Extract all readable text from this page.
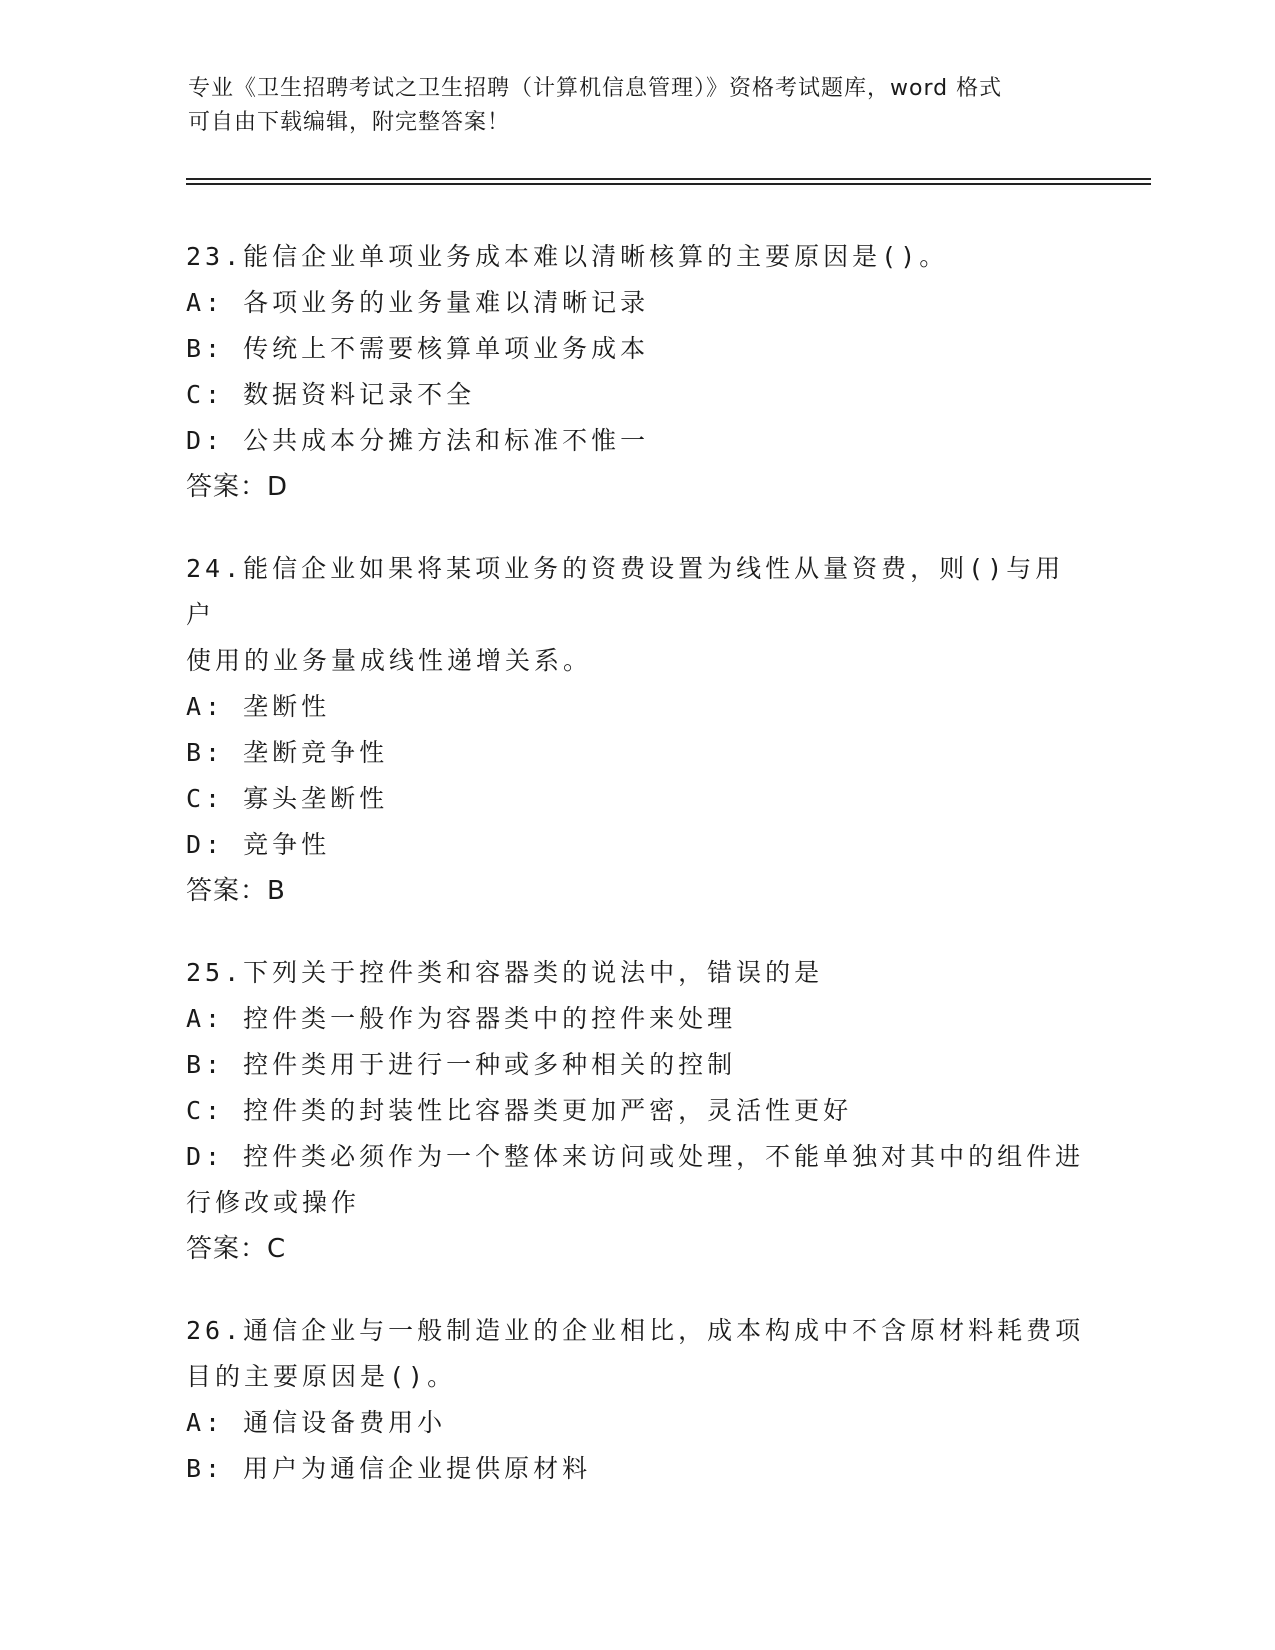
专业《卫生招聘考试之卫生招聘（计算机信息管理）》资格考试题库，word 格式
可自由下载编辑，附完整答案！
23.能信企业单项业务成本难以清晰核算的主要原因是()。
A: 各项业务的业务量难以清晰记录
B: 传统上不需要核算单项业务成本
C: 数据资料记录不全
D: 公共成本分摊方法和标准不惟一
答案：D
24.能信企业如果将某项业务的资费设置为线性从量资费，则()与用户
使用的业务量成线性递增关系。
A: 垄断性
B: 垄断竞争性
C: 寡头垄断性
D: 竞争性
答案：B
25.下列关于控件类和容器类的说法中，错误的是
A: 控件类一般作为容器类中的控件来处理
B: 控件类用于进行一种或多种相关的控制
C: 控件类的封装性比容器类更加严密，灵活性更好
D: 控件类必须作为一个整体来访问或处理，不能单独对其中的组件进
行修改或操作
答案：C
26.通信企业与一般制造业的企业相比，成本构成中不含原材料耗费项
目的主要原因是()。
A: 通信设备费用小
B: 用户为通信企业提供原材料
